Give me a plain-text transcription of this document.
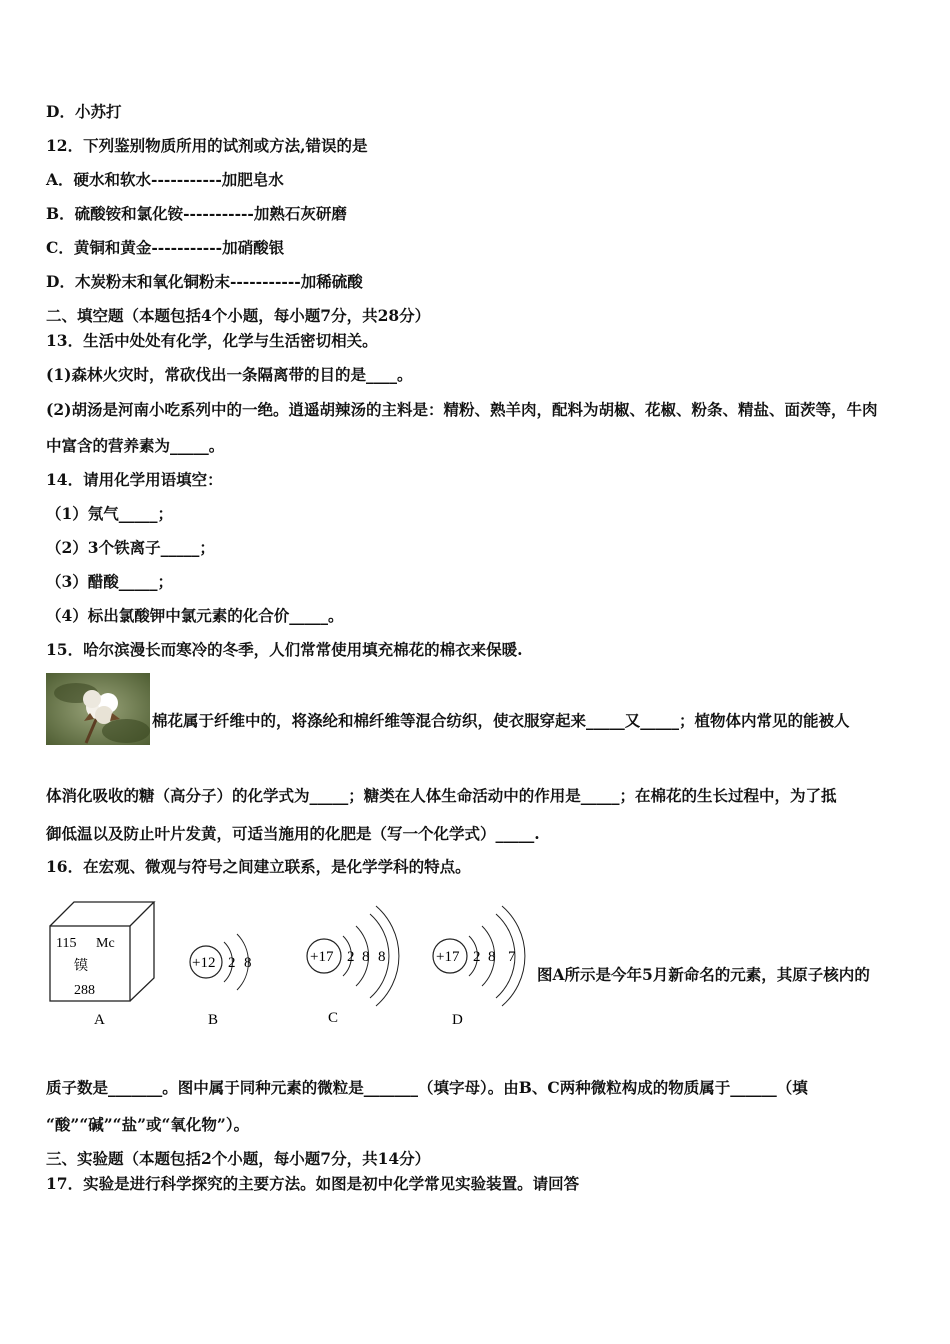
D．小苏打
12．下列鉴别物质所用的试剂或方法,错误的是
A．硬水和软水-----------加肥皂水
B．硫酸铵和氯化铵-----------加熟石灰研磨
C．黄铜和黄金-----------加硝酸银
D．木炭粉末和氧化铜粉末-----------加稀硫酸
二、填空题（本题包括4个小题，每小题7分，共28分）
13．生活中处处有化学，化学与生活密切相关。
(1)森林火灾时，常砍伐出一条隔离带的目的是____。
(2)胡汤是河南小吃系列中的一绝。逍遥胡辣汤的主料是：精粉、熟羊肉，配料为胡椒、花椒、粉条、精盐、面茨等，牛肉
中富含的营养素为_____。
14．请用化学用语填空：
（1）氖气_____；
（2）3个铁离子_____；
（3）醋酸_____；
（4）标出氯酸钾中氯元素的化合价_____。
15．哈尔滨漫长而寒冷的冬季，人们常常使用填充棉花的棉衣来保暖.
棉花属于纤维中的，将涤纶和棉纤维等混合纺织，使衣服穿起来_____又_____；植物体内常见的能被人
体消化吸收的糖（高分子）的化学式为_____；糖类在人体生命活动中的作用是_____；在棉花的生长过程中，为了抵
御低温以及防止叶片发黄，可适当施用的化肥是（写一个化学式）_____.
16．在宏观、微观与符号之间建立联系，是化学学科的特点。
115 Mc
镆
288
A
+12 2 8
B
+17 2 8 8
C
+17 2 8 7
D
图A所示是今年5月新命名的元素，其原子核内的
质子数是_______。图中属于同种元素的微粒是_______（填字母）。由B、C两种微粒构成的物质属于______（填
“酸”“碱”“盐”或“氧化物”）。
三、实验题（本题包括2个小题，每小题7分，共14分）
17．实验是进行科学探究的主要方法。如图是初中化学常见实验装置。请回答
